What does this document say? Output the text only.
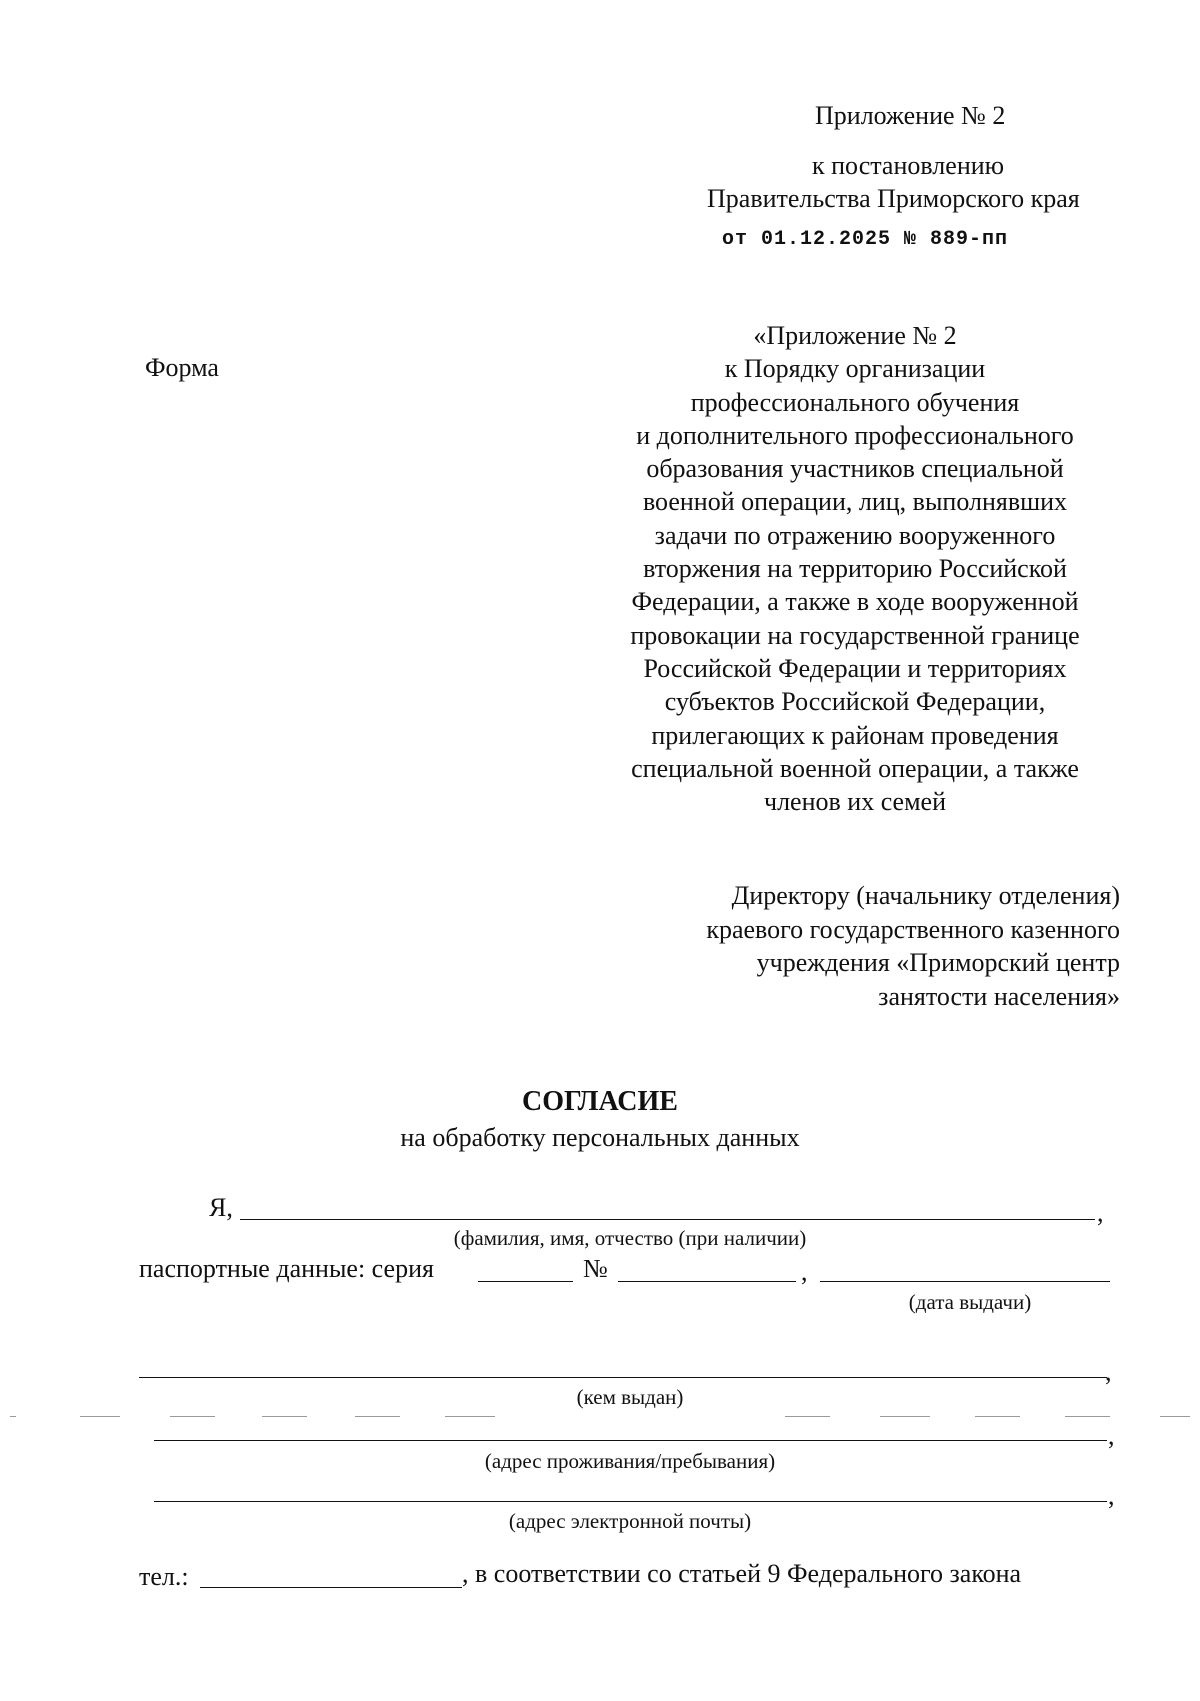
Приложение № 2
к постановлению
Правительства Приморского края
от 01.12.2025 № 889-пп
Форма
«Приложение № 2
к Порядку организации
профессионального обучения
и дополнительного профессионального
образования участников специальной
военной операции, лиц, выполнявших
задачи по отражению вооруженного
вторжения на территорию Российской
Федерации, а также в ходе вооруженной
провокации на государственной границе
Российской Федерации и территориях
субъектов Российской Федерации,
прилегающих к районам проведения
специальной военной операции, а также
членов их семей
Директору (начальнику отделения)
краевого государственного казенного
учреждения «Приморский центр
занятости населения»
СОГЛАСИЕ
на обработку персональных данных
Я,	,
(фамилия, имя, отчество (при наличии)
паспортные данные: серия	№	,
(дата выдачи)
,
(кем выдан)
,
(адрес проживания/пребывания)
,
(адрес электронной почты)
тел.:	, в соответствии со статьей 9 Федерального закона
